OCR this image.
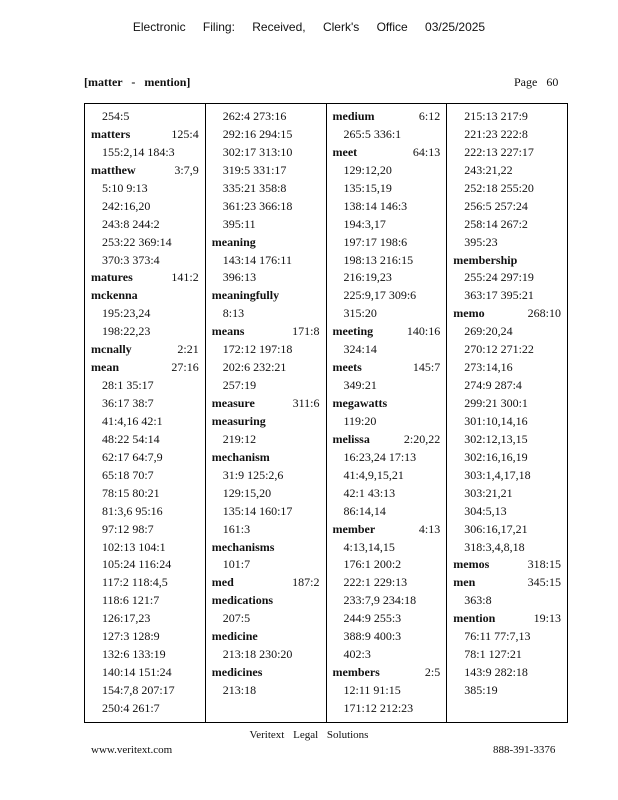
Electronic Filing: Received, Clerk's Office 03/25/2025
[matter - mention]	Page 60
254:5
matters	125:4
155:2,14 184:3
matthew	3:7,9
5:10 9:13
242:16,20
243:8 244:2
253:22 369:14
370:3 373:4
matures	141:2
mckenna
195:23,24
198:22,23
mcnally	2:21
mean	27:16
28:1 35:17
36:17 38:7
41:4,16 42:1
48:22 54:14
62:17 64:7,9
65:18 70:7
78:15 80:21
81:3,6 95:16
97:12 98:7
102:13 104:1
105:24 116:24
117:2 118:4,5
118:6 121:7
126:17,23
127:3 128:9
132:6 133:19
140:14 151:24
154:7,8 207:17
250:4 261:7
262:4 273:16
292:16 294:15
302:17 313:10
319:5 331:17
335:21 358:8
361:23 366:18
395:11
meaning
143:14 176:11
396:13
meaningfully
8:13
means	171:8
172:12 197:18
202:6 232:21
257:19
measure	311:6
measuring
219:12
mechanism
31:9 125:2,6
129:15,20
135:14 160:17
161:3
mechanisms
101:7
med	187:2
medications
207:5
medicine
213:18 230:20
medicines
213:18
medium	6:12
265:5 336:1
meet	64:13
129:12,20
135:15,19
138:14 146:3
194:3,17
197:17 198:6
198:13 216:15
216:19,23
225:9,17 309:6
315:20
meeting	140:16
324:14
meets	145:7
349:21
megawatts
119:20
melissa	2:20,22
16:23,24 17:13
41:4,9,15,21
42:1 43:13
86:14,14
member	4:13
4:13,14,15
176:1 200:2
222:1 229:13
233:7,9 234:18
244:9 255:3
388:9 400:3
402:3
members	2:5
12:11 91:15
171:12 212:23
215:13 217:9
221:23 222:8
222:13 227:17
243:21,22
252:18 255:20
256:5 257:24
258:14 267:2
395:23
membership
255:24 297:19
363:17 395:21
memo	268:10
269:20,24
270:12 271:22
273:14,16
274:9 287:4
299:21 300:1
301:10,14,16
302:12,13,15
302:16,16,19
303:1,4,17,18
303:21,21
304:5,13
306:16,17,21
318:3,4,8,18
memos	318:15
men	345:15
363:8
mention	19:13
76:11 77:7,13
78:1 127:21
143:9 282:18
385:19
Veritext Legal Solutions
www.veritext.com	888-391-3376
